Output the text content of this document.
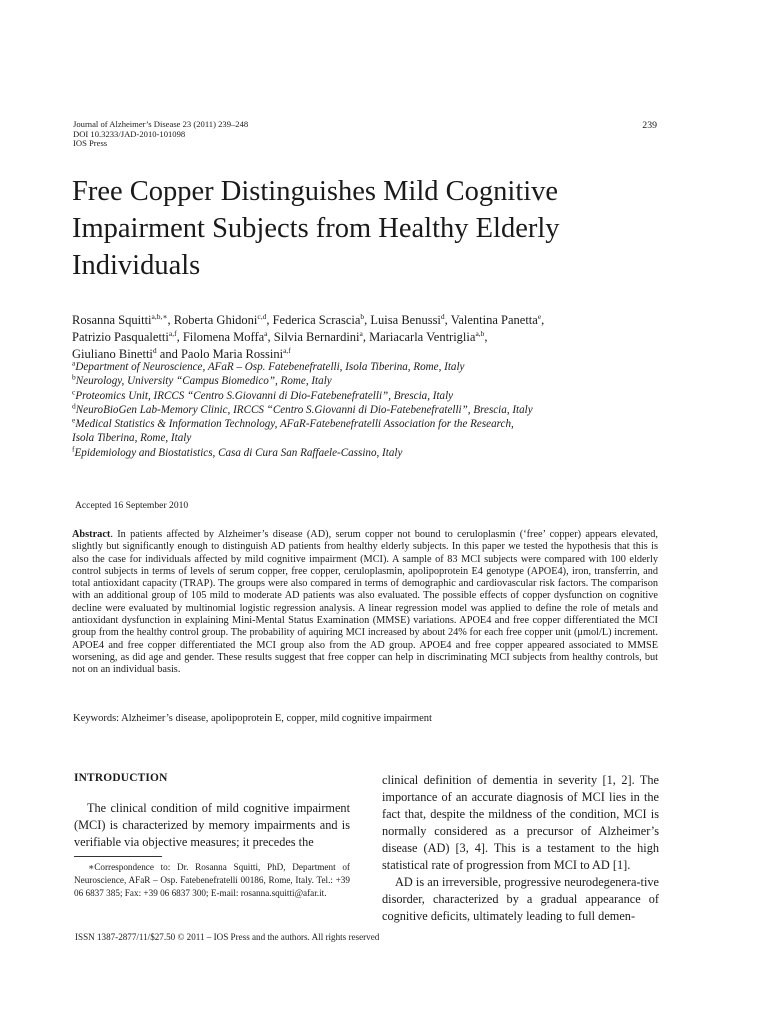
Journal of Alzheimer’s Disease 23 (2011) 239–248
DOI 10.3233/JAD-2010-101098
IOS Press
239
Free Copper Distinguishes Mild Cognitive Impairment Subjects from Healthy Elderly Individuals
Rosanna Squitti$^{a,b,∗}$, Roberta Ghidoni$^{c,d}$, Federica Scrascia$^b$, Luisa Benussi$^d$, Valentina Panetta$^e$,
Patrizio Pasqualetti$^{a,f}$, Filomena Moffa$^a$, Silvia Bernardini$^a$, Mariacarla Ventriglia$^{a,b}$,
Giuliano Binetti$^d$ and Paolo Maria Rossini$^{a,f}$
$^a$Department of Neuroscience, AFaR – Osp. Fatebenefratelli, Isola Tiberina, Rome, Italy
$^b$Neurology, University “Campus Biomedico”, Rome, Italy
$^c$Proteomics Unit, IRCCS “Centro S.Giovanni di Dio-Fatebenefratelli”, Brescia, Italy
$^d$NeuroBioGen Lab-Memory Clinic, IRCCS “Centro S.Giovanni di Dio-Fatebenefratelli”, Brescia, Italy
$^e$Medical Statistics & Information Technology, AFaR-Fatebenefratelli Association for the Research,
Isola Tiberina, Rome, Italy
$^f$Epidemiology and Biostatistics, Casa di Cura San Raffaele-Cassino, Italy
Accepted 16 September 2010
Abstract. In patients affected by Alzheimer’s disease (AD), serum copper not bound to ceruloplasmin (‘free’ copper) appears elevated, slightly but significantly enough to distinguish AD patients from healthy elderly subjects. In this paper we tested the hypothesis that this is also the case for individuals affected by mild cognitive impairment (MCI). A sample of 83 MCI subjects were compared with 100 elderly control subjects in terms of levels of serum copper, free copper, ceruloplasmin, apolipoprotein E4 genotype (APOE4), iron, transferrin, and total antioxidant capacity (TRAP). The groups were also compared in terms of demographic and cardiovascular risk factors. The comparison with an additional group of 105 mild to moderate AD patients was also evaluated. The possible effects of copper dysfunction on cognitive decline were evaluated by multinomial logistic regression analysis. A linear regression model was applied to define the role of metals and antioxidant dysfunction in explaining Mini-Mental Status Examination (MMSE) variations. APOE4 and free copper differentiated the MCI group from the healthy control group. The probability of aquiring MCI increased by about 24% for each free copper unit (μmol/L) increment. APOE4 and free copper differentiated the MCI group also from the AD group. APOE4 and free copper appeared associated to MMSE worsening, as did age and gender. These results suggest that free copper can help in discriminating MCI subjects from healthy controls, but not on an individual basis.
Keywords: Alzheimer’s disease, apolipoprotein E, copper, mild cognitive impairment
INTRODUCTION
The clinical condition of mild cognitive impairment (MCI) is characterized by memory impairments and is verifiable via objective measures; it precedes the
∗Correspondence to: Dr. Rosanna Squitti, PhD, Department of Neuroscience, AFaR – Osp. Fatebenefratelli 00186, Rome, Italy. Tel.: +39 06 6837 385; Fax: +39 06 6837 300; E-mail: rosanna.squitti@afar.it.
clinical definition of dementia in severity [1, 2]. The importance of an accurate diagnosis of MCI lies in the fact that, despite the mildness of the condition, MCI is normally considered as a precursor of Alzheimer’s disease (AD) [3, 4]. This is a testament to the high statistical rate of progression from MCI to AD [1].
AD is an irreversible, progressive neurodegenera-tive disorder, characterized by a gradual appearance of cognitive deficits, ultimately leading to full demen-
ISSN 1387-2877/11/$27.50 © 2011 – IOS Press and the authors. All rights reserved
